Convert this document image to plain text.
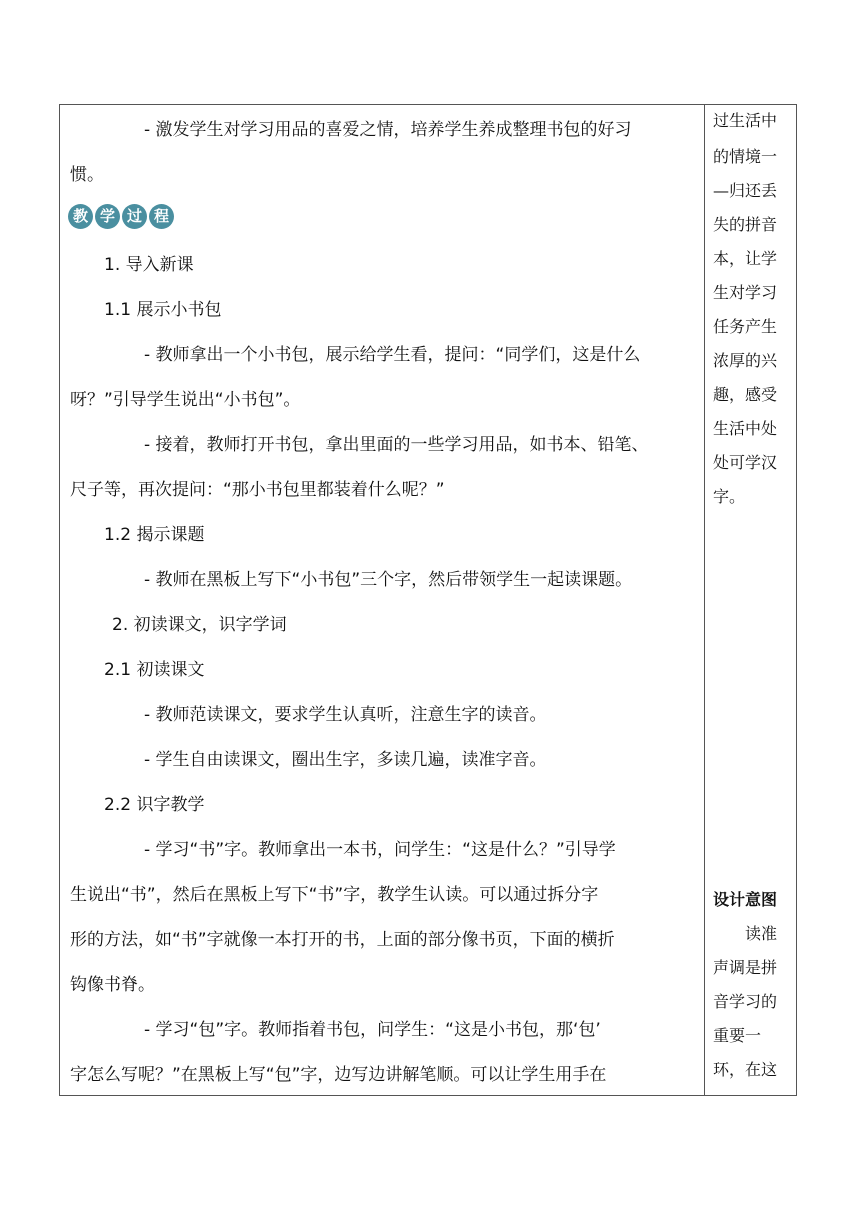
- 激发学生对学习用品的喜爱之情，培养学生养成整理书包的好习
惯。
教 学 过 程
1. 导入新课
1.1 展示小书包
- 教师拿出一个小书包，展示给学生看，提问：“同学们，这是什么
呀？”引导学生说出“小书包”。
- 接着，教师打开书包，拿出里面的一些学习用品，如书本、铅笔、
尺子等，再次提问：“那小书包里都装着什么呢？”
1.2 揭示课题
- 教师在黑板上写下“小书包”三个字，然后带领学生一起读课题。
2. 初读课文，识字学词
2.1 初读课文
- 教师范读课文，要求学生认真听，注意生字的读音。
- 学生自由读课文，圈出生字，多读几遍，读准字音。
2.2 识字教学
- 学习“书”字。教师拿出一本书，问学生：“这是什么？”引导学
生说出“书”，然后在黑板上写下“书”字，教学生认读。可以通过拆分字
形的方法，如“书”字就像一本打开的书，上面的部分像书页，下面的横折
钩像书脊。
- 学习“包”字。教师指着书包，问学生：“这是小书包，那‘包’
字怎么写呢？”在黑板上写“包”字，边写边讲解笔顺。可以让学生用手在
过生活中
的情境一
—归还丢
失的拼音
本，让学
生对学习
任务产生
浓厚的兴
趣，感受
生活中处
处可学汉
字。
设计意图
读准
声调是拼
音学习的
重要一
环，在这
